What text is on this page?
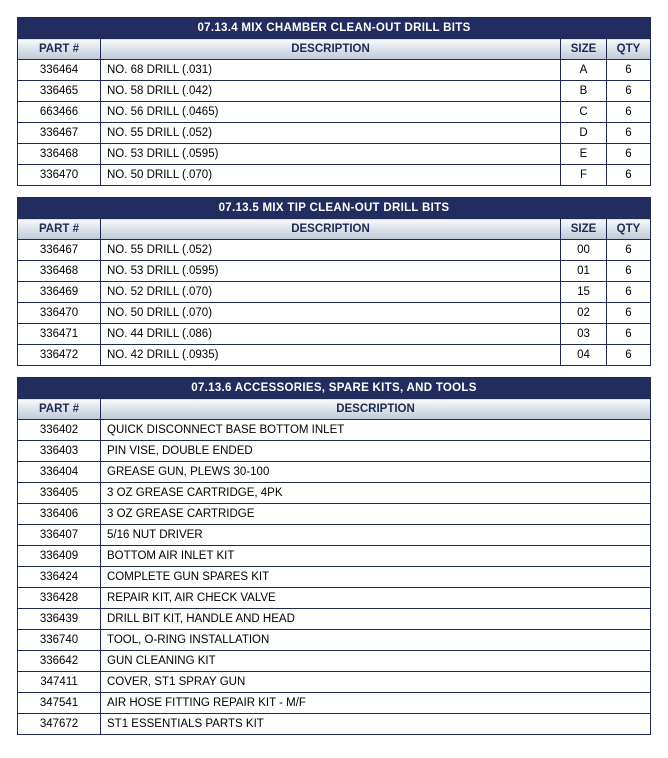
07.13.4 MIX CHAMBER CLEAN-OUT DRILL BITS			
PART #	DESCRIPTION	SIZE	QTY
336464	NO. 68 DRILL (.031)	A	6
336465	NO. 58 DRILL (.042)	B	6
663466	NO. 56 DRILL (.0465)	C	6
336467	NO. 55 DRILL (.052)	D	6
336468	NO. 53 DRILL (.0595)	E	6
336470	NO. 50 DRILL (.070)	F	6
07.13.5 MIX TIP CLEAN-OUT DRILL BITS			
PART #	DESCRIPTION	SIZE	QTY
336467	NO. 55 DRILL (.052)	00	6
336468	NO. 53 DRILL (.0595)	01	6
336469	NO. 52 DRILL (.070)	15	6
336470	NO. 50 DRILL (.070)	02	6
336471	NO. 44 DRILL (.086)	03	6
336472	NO. 42 DRILL (.0935)	04	6
07.13.6 ACCESSORIES, SPARE KITS, AND TOOLS	
PART #	DESCRIPTION
336402	QUICK DISCONNECT BASE BOTTOM INLET
336403	PIN VISE, DOUBLE ENDED
336404	GREASE GUN, PLEWS 30-100
336405	3 OZ GREASE CARTRIDGE, 4PK
336406	3 OZ GREASE CARTRIDGE
336407	5/16 NUT DRIVER
336409	BOTTOM AIR INLET KIT
336424	COMPLETE GUN SPARES KIT
336428	REPAIR KIT, AIR CHECK VALVE
336439	DRILL BIT KIT, HANDLE AND HEAD
336740	TOOL, O-RING INSTALLATION
336642	GUN CLEANING KIT
347411	COVER, ST1 SPRAY GUN
347541	AIR HOSE FITTING REPAIR KIT - M/F
347672	ST1 ESSENTIALS PARTS KIT
